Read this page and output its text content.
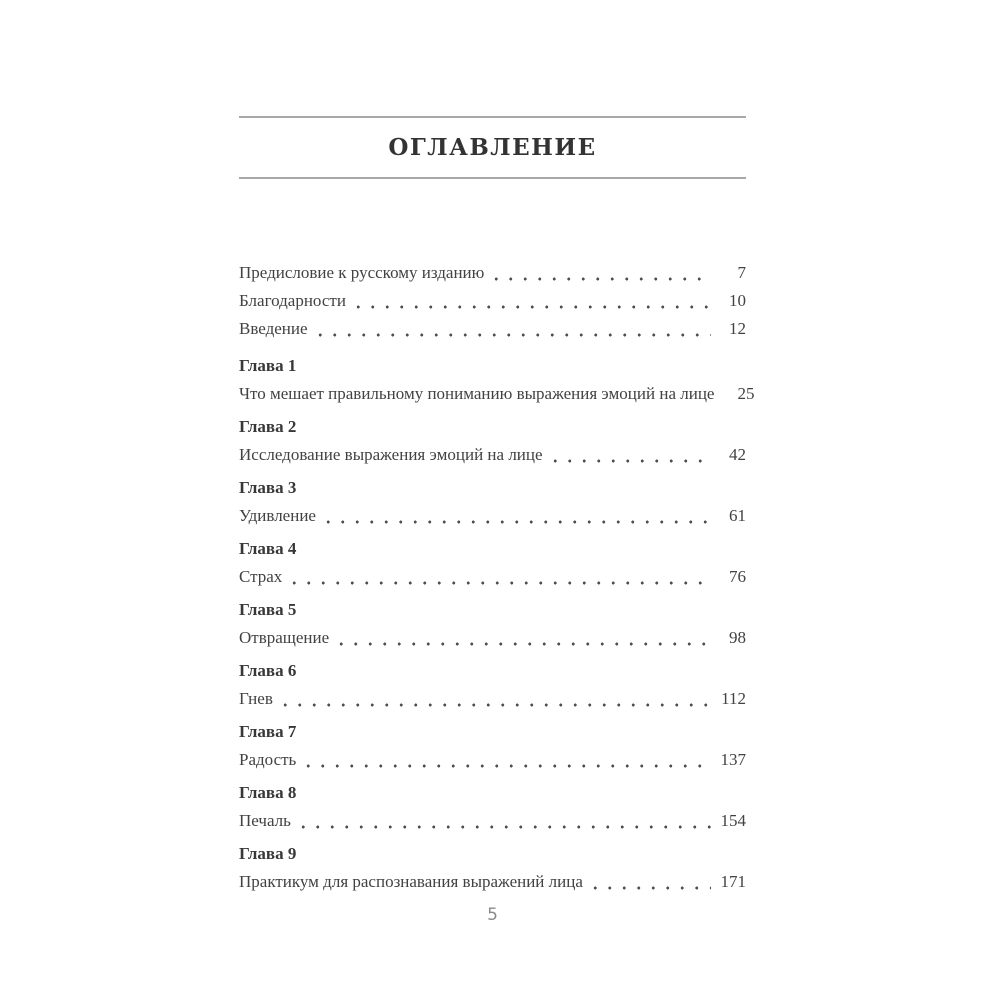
ОГЛАВЛЕНИЕ
Предисловие к русскому изданию	7
Благодарности	10
Введение	12
Глава 1
Что мешает правильному пониманию выражения эмоций на лице	25
Глава 2
Исследование выражения эмоций на лице	42
Глава 3
Удивление	61
Глава 4
Страх	76
Глава 5
Отвращение	98
Глава 6
Гнев	112
Глава 7
Радость	137
Глава 8
Печаль	154
Глава 9
Практикум для распознавания выражений лица	171
5
